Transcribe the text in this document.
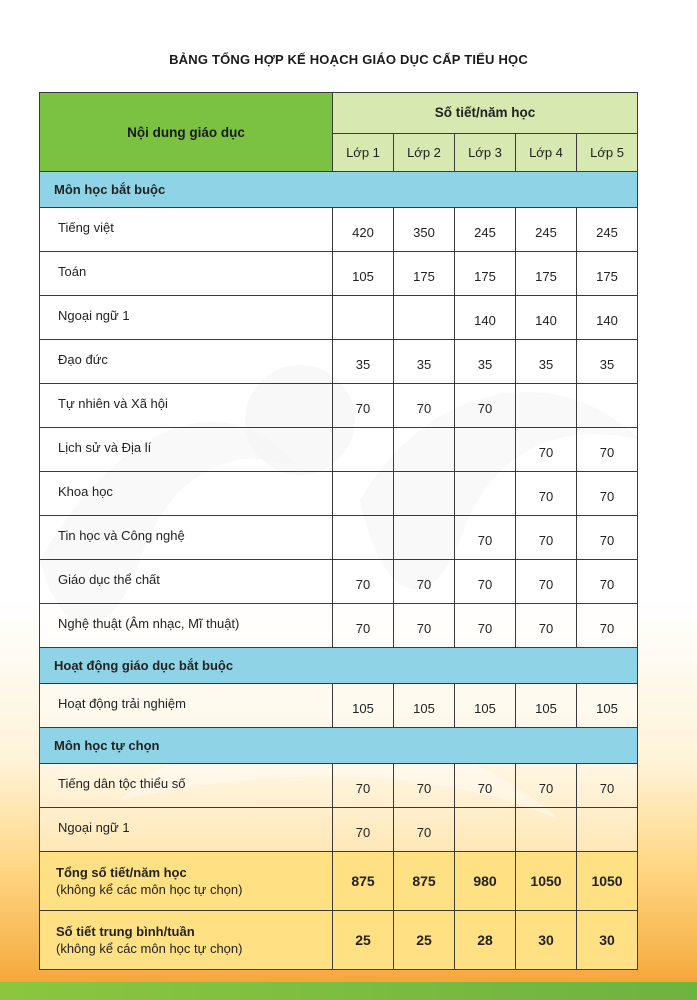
BẢNG TỔNG HỢP KẾ HOẠCH GIÁO DỤC CẤP TIỂU HỌC
Nội dung giáo dục	Số tiết/năm học				
	Lớp 1	Lớp 2	Lớp 3	Lớp 4	Lớp 5
Môn học bắt buộc					
Tiếng việt	420	350	245	245	245
Toán	105	175	175	175	175
Ngoại ngữ 1			140	140	140
Đạo đức	35	35	35	35	35
Tự nhiên và Xã hội	70	70	70		
Lịch sử và Địa lí				70	70
Khoa học				70	70
Tin học và Công nghệ			70	70	70
Giáo dục thể chất	70	70	70	70	70
Nghệ thuật (Âm nhạc, Mĩ thuật)	70	70	70	70	70
Hoạt động giáo dục bắt buộc					
Hoạt động trải nghiệm	105	105	105	105	105
Môn học tự chọn					
Tiếng dân tộc thiểu số	70	70	70	70	70
Ngoại ngữ 1	70	70			

Tổng số tiết/năm học
(không kể các môn học tự chọn)	875	875	980	1050	1050

Số tiết trung bình/tuần
(không kể các môn học tự chọn)	25	25	28	30	30
